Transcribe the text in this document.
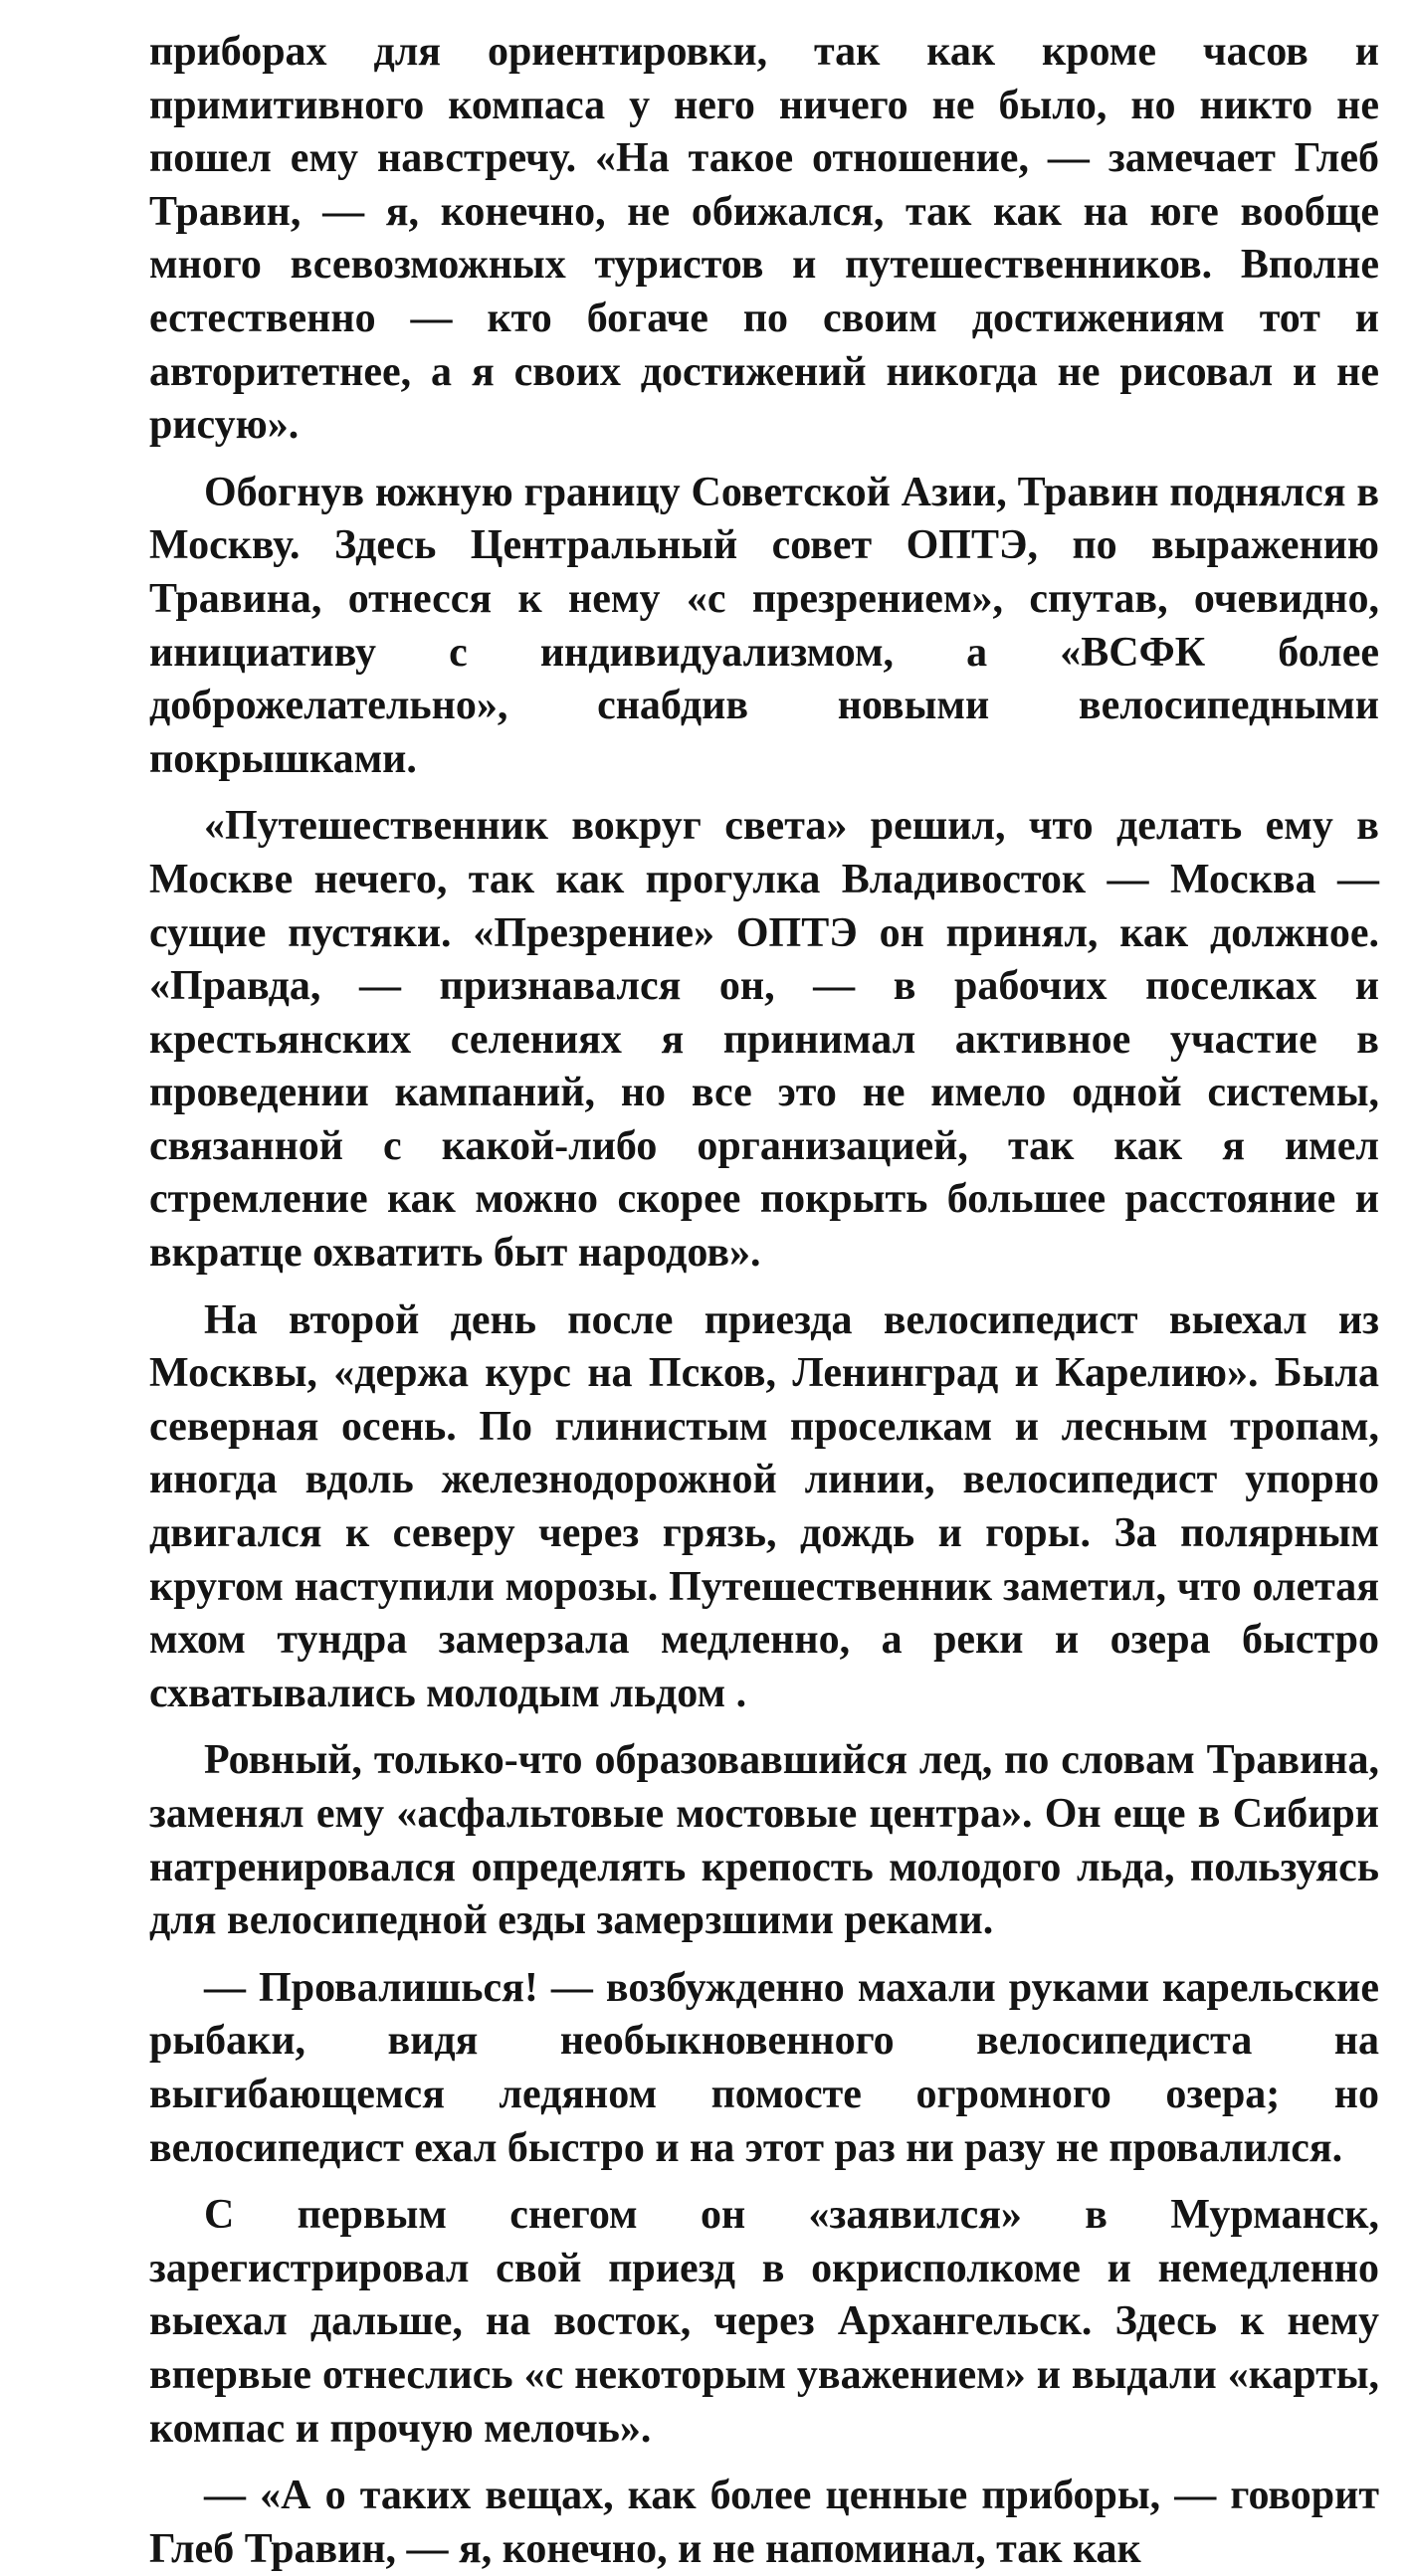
приборах для ориентировки, так как кроме часов и примитивного компаса у него ничего не было, но никто не пошел ему навстречу. «На такое отношение, — замечает Глеб Травин, — я, конечно, не обижался, так как на юге вообще много всевозможных туристов и путешественников. Вполне естественно — кто богаче по своим достижениям тот и авторитетнее, а я своих достижений никогда не рисовал и не рисую».

Обогнув южную границу Советской Азии, Травин поднялся в Москву. Здесь Центральный совет ОПТЭ, по выражению Травина, отнесся к нему «с презрением», спутав, очевидно, инициативу с индивидуализмом, а «ВСФК более доброжелательно», снабдив новыми велосипедными покрышками.

«Путешественник вокруг света» решил, что делать ему в Москве нечего, так как прогулка Владивосток — Москва — сущие пустяки. «Презрение» ОПТЭ он принял, как должное. «Правда, — признавался он, — в рабочих поселках и крестьянских селениях я принимал активное участие в проведении кампаний, но все это не имело одной системы, связанной с какой-либо организацией, так как я имел стремление как можно скорее покрыть большее расстояние и вкратце охватить быт народов».

На второй день после приезда велосипедист выехал из Москвы, «держа курс на Псков, Ленинград и Карелию». Была северная осень. По глинистым проселкам и лесным тропам, иногда вдоль железнодорожной линии, велосипедист упорно двигался к северу через грязь, дождь и горы. За полярным кругом наступили морозы. Путешественник заметил, что олетая мхом тундра замерзала медленно, а реки и озера быстро схватывались молодым льдом .

Ровный, только-что образовавшийся лед, по словам Травина, заменял ему «асфальтовые мостовые центра». Он еще в Сибири натренировался определять крепость молодого льда, пользуясь для велосипедной езды замерзшими реками.

— Провалишься! — возбужденно махали руками карельские рыбаки, видя необыкновенного велосипедиста на выгибающемся ледяном помосте огромного озера; но велосипедист ехал быстро и на этот раз ни разу не провалился.

С первым снегом он «заявился» в Мурманск, зарегистрировал свой приезд в окрисполкоме и немедленно выехал дальше, на восток, через Архангельск. Здесь к нему впервые отнеслись «с некоторым уважением» и выдали «карты, компас и прочую мелочь».

— «А о таких вещах, как более ценные приборы, — говорит Глеб Травин, — я, конечно, и не напоминал, так как
